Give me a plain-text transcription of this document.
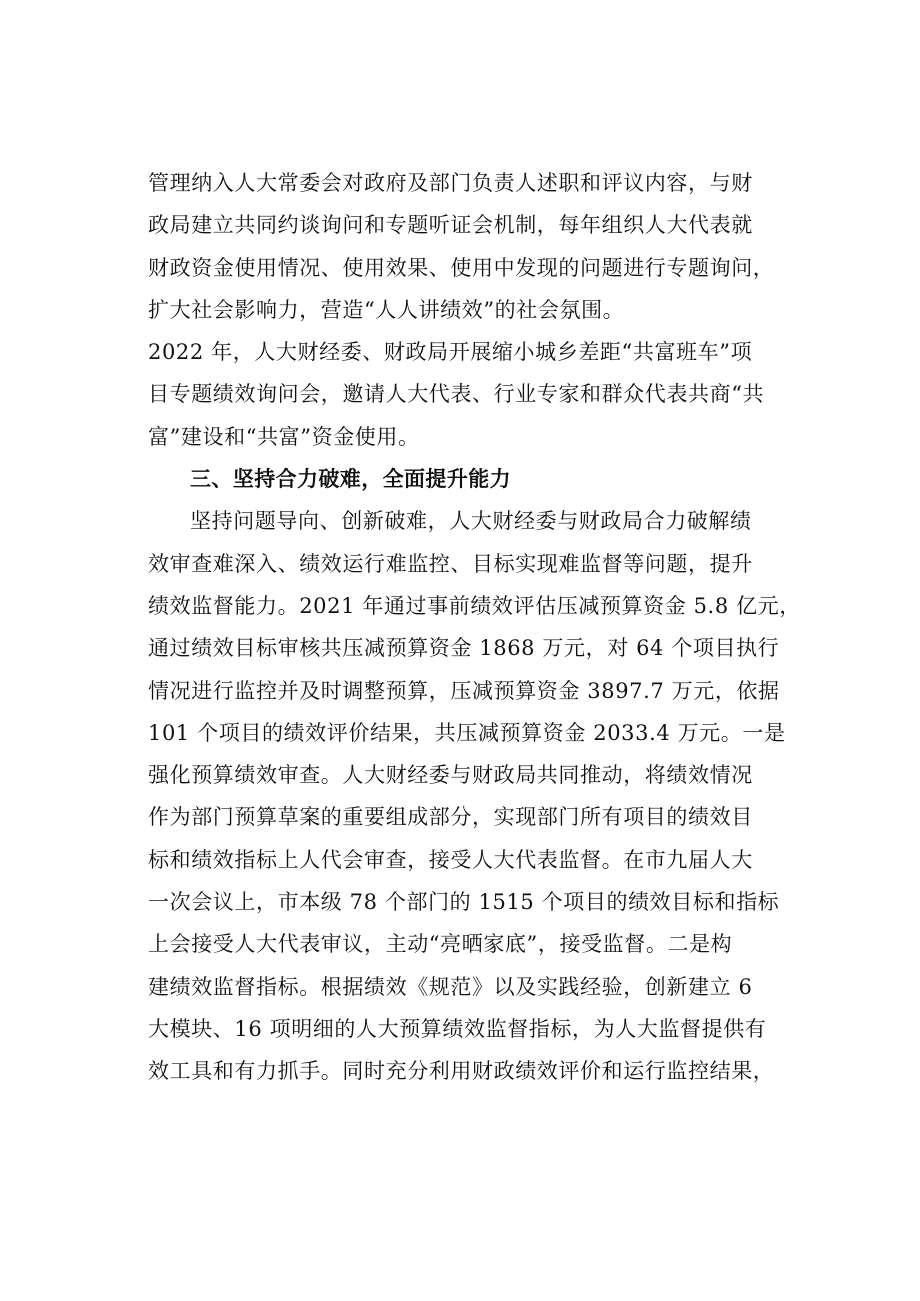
管理纳入人大常委会对政府及部门负责人述职和评议内容，与财
政局建立共同约谈询问和专题听证会机制，每年组织人大代表就
财政资金使用情况、使用效果、使用中发现的问题进行专题询问，
扩大社会影响力，营造“人人讲绩效”的社会氛围。
2022 年，人大财经委、财政局开展缩小城乡差距“共富班车”项
目专题绩效询问会，邀请人大代表、行业专家和群众代表共商“共
富”建设和“共富”资金使用。
三、坚持合力破难，全面提升能力
坚持问题导向、创新破难，人大财经委与财政局合力破解绩
效审查难深入、绩效运行难监控、目标实现难监督等问题，提升
绩效监督能力。2021 年通过事前绩效评估压减预算资金 5.8 亿元，
通过绩效目标审核共压减预算资金 1868 万元，对 64 个项目执行
情况进行监控并及时调整预算，压减预算资金 3897.7 万元，依据
101 个项目的绩效评价结果，共压减预算资金 2033.4 万元。一是
强化预算绩效审查。人大财经委与财政局共同推动，将绩效情况
作为部门预算草案的重要组成部分，实现部门所有项目的绩效目
标和绩效指标上人代会审查，接受人大代表监督。在市九届人大
一次会议上，市本级 78 个部门的 1515 个项目的绩效目标和指标
上会接受人大代表审议，主动“亮晒家底”，接受监督。二是构
建绩效监督指标。根据绩效《规范》以及实践经验，创新建立 6
大模块、16 项明细的人大预算绩效监督指标，为人大监督提供有
效工具和有力抓手。同时充分利用财政绩效评价和运行监控结果，
